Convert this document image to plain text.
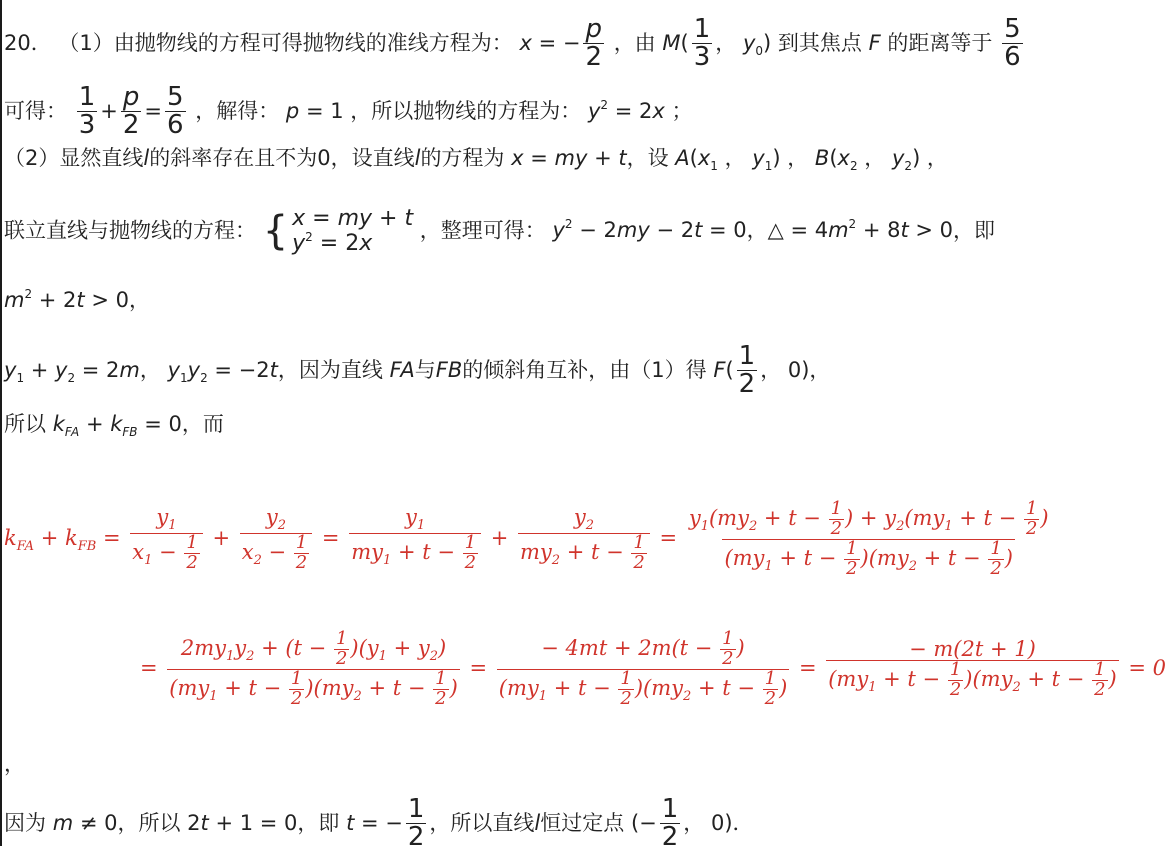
20． （1）由抛物线的方程可得抛物线的准线方程为： x = − $\frac{p}{2}$ ，由 $M( \frac{1}{3}$ ， $y_0$) 到其焦点 F 的距离等于 $\frac{5}{6}$
可得： $\frac{1}{3} + \frac{p}{2} = \frac{5}{6}$ ，解得： p = 1 ，所以抛物线的方程为： $y^2 = 2x$ ；
（2）显然直线l的斜率存在且不为0，设直线l的方程为 x = my + t，设 $A(x_1$ ， $y_1$) ， $B(x_2$ ， $y_2$) ，
联立直线与抛物线的方程： { x = my + t
$y^2 = 2x$
，整理可得： $y^2 - 2my - 2t = 0$，△ = $4m^2 + 8t > 0$，即
$m^2 + 2t > 0$，
$y_1 + y_2 = 2m$， $y_1y_2 = -2t$，因为直线 FA与FB的倾斜角互补，由（1）得 $F( \frac{1}{2}$ ， 0)，
所以 $k_{FA} + k_{FB} = 0$，而
$k_{FA} + k_{FB} = \frac{y_1}{x_1 - \frac{1}{2}} + \frac{y_2}{x_2 - \frac{1}{2}} = \frac{y_1}{my_1 + t - \frac{1}{2}} + \frac{y_2}{my_2 + t - \frac{1}{2}} = \frac{y_1(my_2 + t - \frac{1}{2} ) + y_2(my_1 + t - \frac{1}{2} )}{(my_1 + t - \frac{1}{2} )(my_2 + t - \frac{1}{2} )}$
= $\frac{2my_1y_2 + (t - \frac{1}{2} )(y_1 + y_2)}{(my_1 + t - \frac{1}{2} )(my_2 + t - \frac{1}{2} )} = \frac{- 4mt + 2m(t - \frac{1}{2} )}{(my_1 + t - \frac{1}{2} )(my_2 + t - \frac{1}{2} )} = \frac{- m(2t + 1)}{(my_1 + t - \frac{1}{2} )(my_2 + t - \frac{1}{2} )} = 0$
，
因为 m ≠ 0，所以 2t + 1 = 0，即 t = − $\frac{1}{2}$ ，所以直线l恒过定点 (− $\frac{1}{2}$ ， 0)．
